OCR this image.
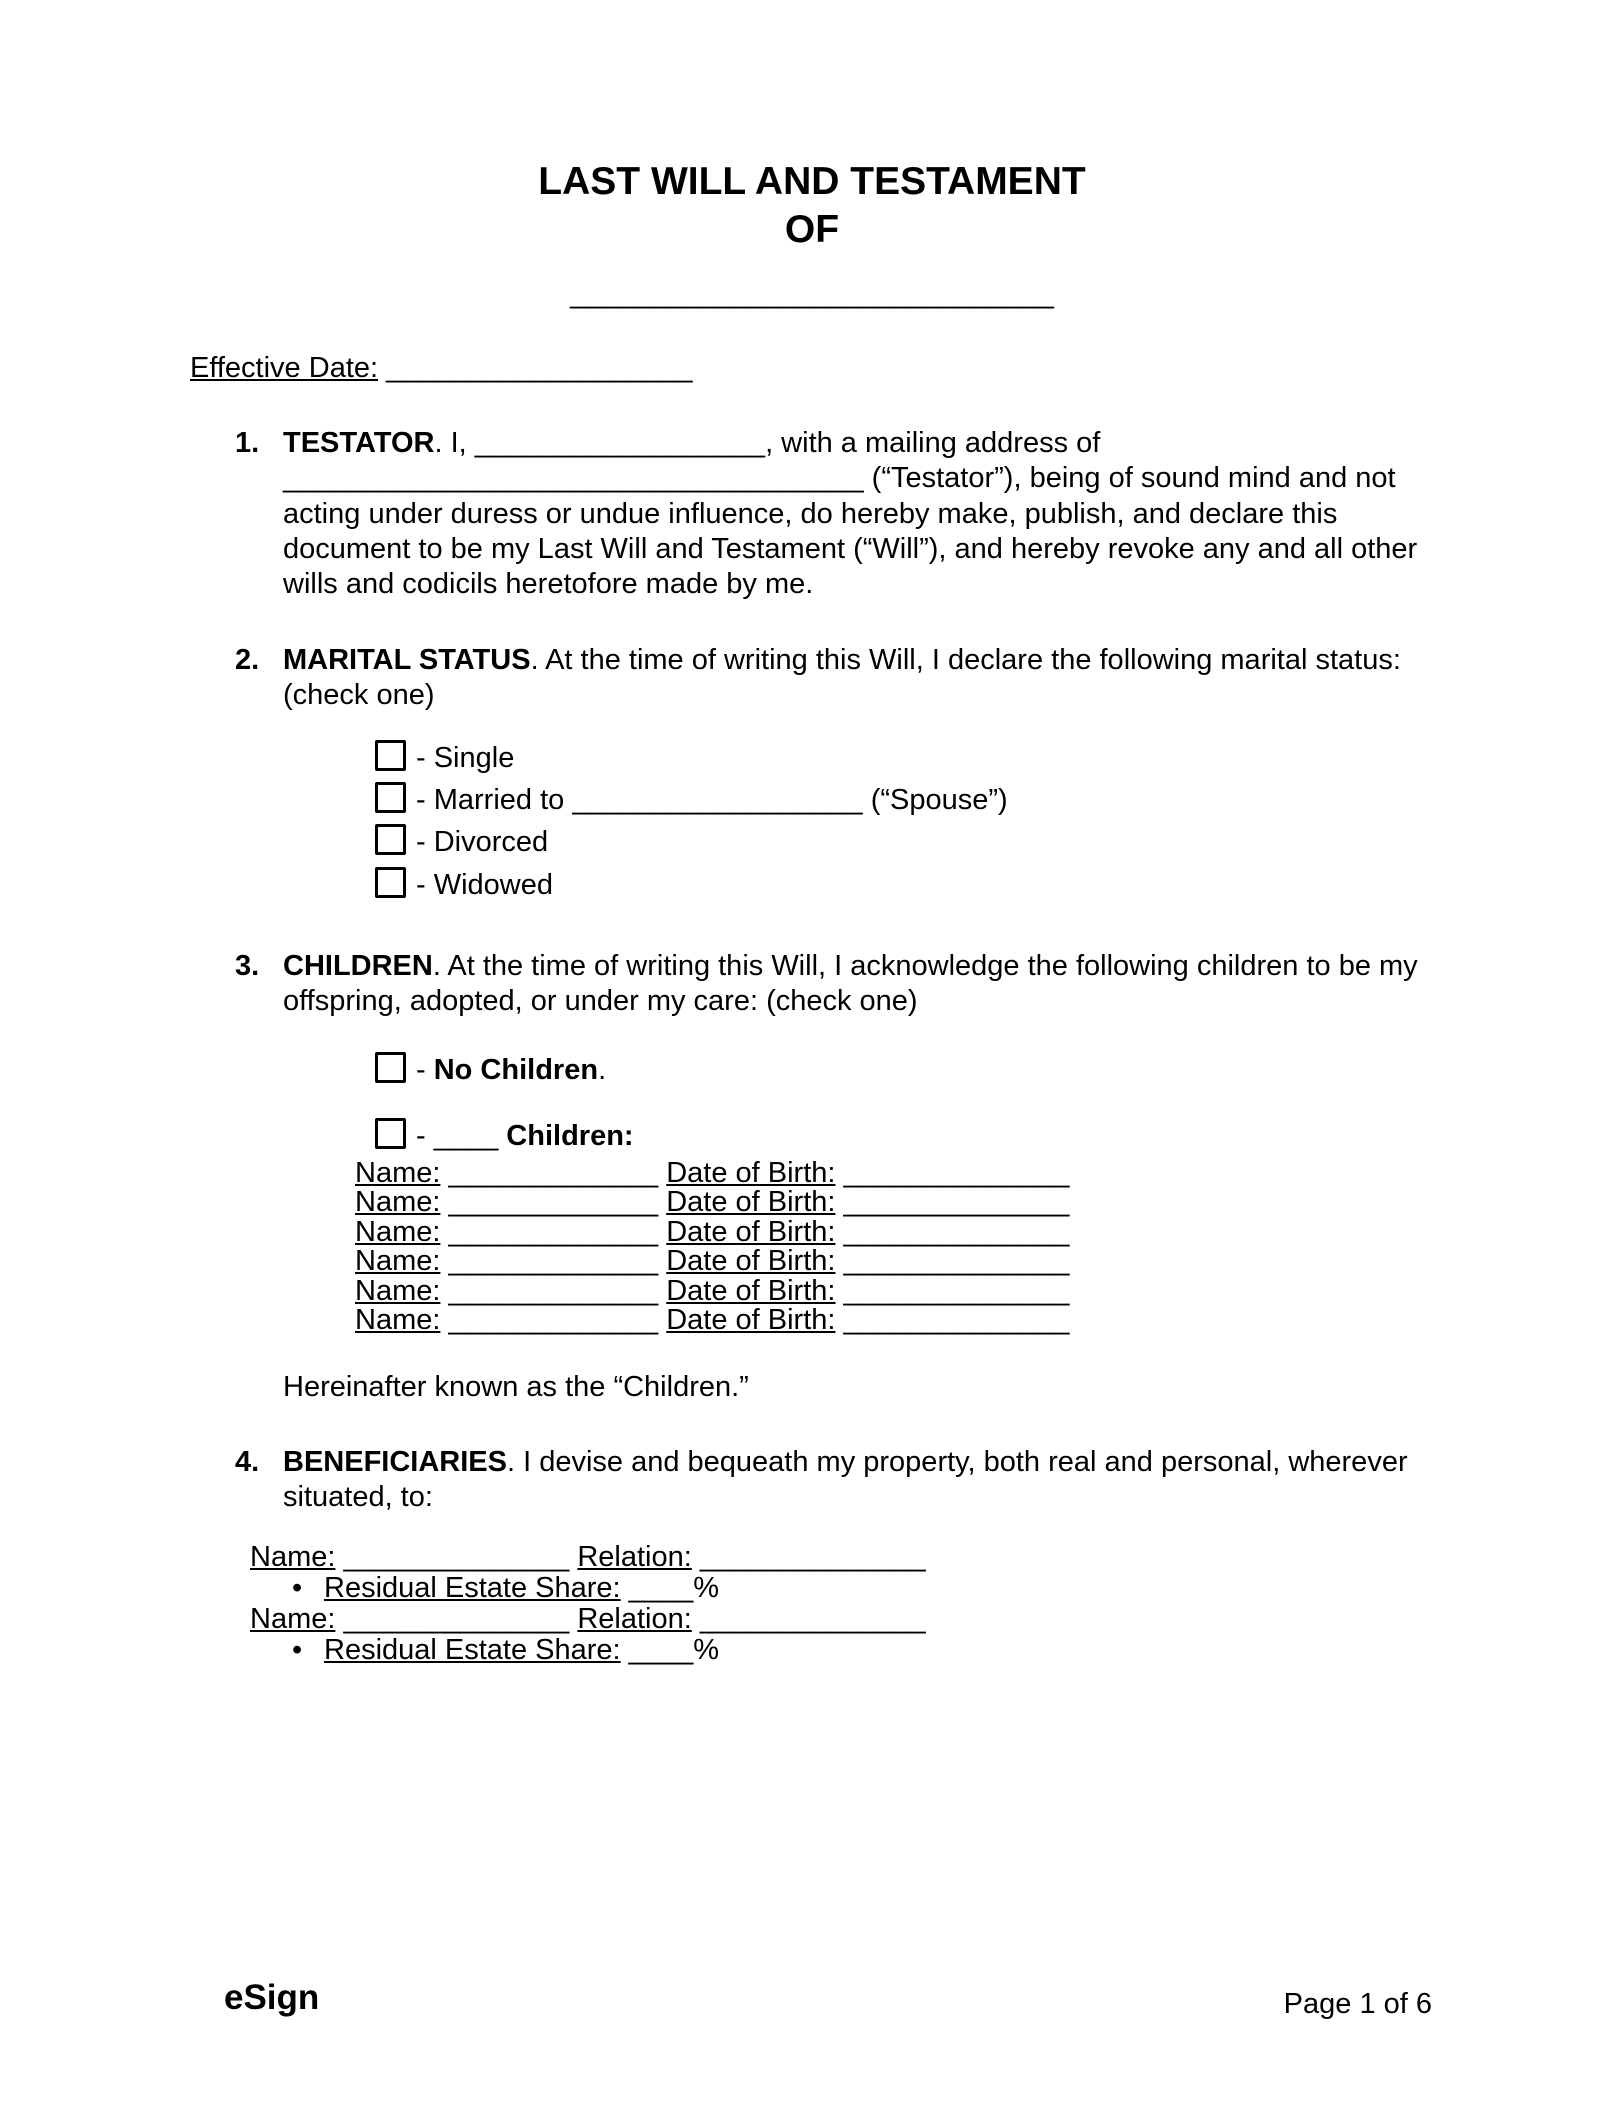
LAST WILL AND TESTAMENT
OF
______________________________

Effective Date: ___________________

1. TESTATOR. I, __________________, with a mailing address of ____________________________________ (“Testator”), being of sound mind and not acting under duress or undue influence, do hereby make, publish, and declare this document to be my Last Will and Testament (“Will”), and hereby revoke any and all other wills and codicils heretofore made by me.

2. MARITAL STATUS. At the time of writing this Will, I declare the following marital status: (check one)

- Single
- Married to __________________ (“Spouse”)
- Divorced
- Widowed
3. CHILDREN. At the time of writing this Will, I acknowledge the following children to be my offspring, adopted, or under my care: (check one)

- No Children.
- ____ Children:
Name: _____________ Date of Birth: ______________
Name: _____________ Date of Birth: ______________
Name: _____________ Date of Birth: ______________
Name: _____________ Date of Birth: ______________
Name: _____________ Date of Birth: ______________
Name: _____________ Date of Birth: ______________

Hereinafter known as the “Children.”

4. BENEFICIARIES. I devise and bequeath my property, both real and personal, wherever situated, to:

Name: ______________ Relation: ______________
• Residual Estate Share: ____%
Name: ______________ Relation: ______________
• Residual Estate Share: ____%
eSign	Page 1 of 6
